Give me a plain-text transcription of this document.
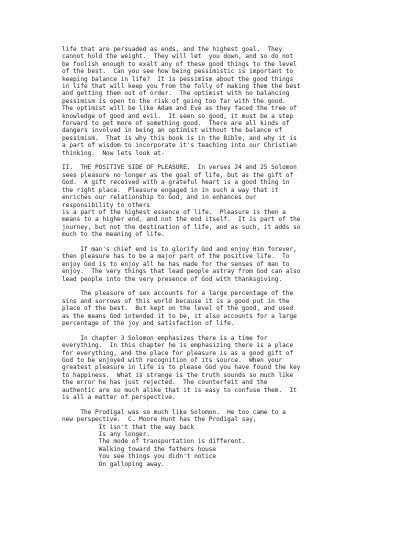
life that are persuaded as ends, and the highest goal.  They
cannot hold the weight.  They will let  you down, and so do not
be foolish enough to exalt any of these good things to the level
of the best.  Can you see how being pessimistic is important to
keeping balance in life?  It is pessimism about the good things
in life that will keep you from the folly of making them the best
and getting them out of order.  The optimist with no balancing
pessimism is open to the risk of going too far with the good.
The optimist will be like Adam and Eve as they faced the tree of
knowledge of good and evil.  It seen so good, it must be a step
forward to get more of something good.  There are all kinds of
dangers involved in being an optimist without the balance of
pessimism.  That is why this book is in the Bible, and why it is
a part of wisdom to incorporate it's teaching into our Christian
thinking.  Now lets look at-
II.  THE POSITIVE SIDE OF PLEASURE.  In verses 24 and 25 Solomon
sees pleasure no longer as the goal of life, but as the gift of
God.  A gift received with a grateful heart is a good thing in
the right place.  Pleasure engaged in in such a way that it
enriches our relationship to God, and in enhances our
responsibility to others
is a part of the highest essence of life.  Pleasure is then a
means to a higher end, and not the end itself.  It is part of the
journey, but not the destination of life, and as such, it adds so
much to the meaning of life.
If man's chief end is to glorify God and enjoy Him forever,
then pleasure has to be a major part of the positive life.  To
enjoy God is to enjoy all he has made for the senses of man to
enjoy.  The very things that lead people astray from God can also
lead people into the very presence of God with thanksgiving.
The pleasure of sex accounts for a large percentage of the
sins and sorrows of this world because it is a good put in the
place of the best.  But kept on the level of the good, and used
as the means God intended it to be, it also accounts for a large
percentage of the joy and satisfaction of life.
In chapter 3 Solomon emphasizes there is a time for
everything.  In this chapter he is emphasizing there is a place
for everything, and the place for pleasure is as a good gift of
God to be enjoyed with recognition of its source.  When your
greatest pleasure in life is to please God you have found the key
to happiness.  What is strange is the truth sounds so much like
the error he has just rejected.  The counterfeit and the
authentic are so much alike that it is easy to confuse them.  It
is all a matter of perspective.
The Prodigal was so much like Solomon.  He too came to a
new perspective.  C. Moore Hunt has the Prodigal say,
It isn't that the way back
Is any longer.
The mode of transportation is different.
Walking toward the fathers house
You see things you didn't notice
On galloping away.
